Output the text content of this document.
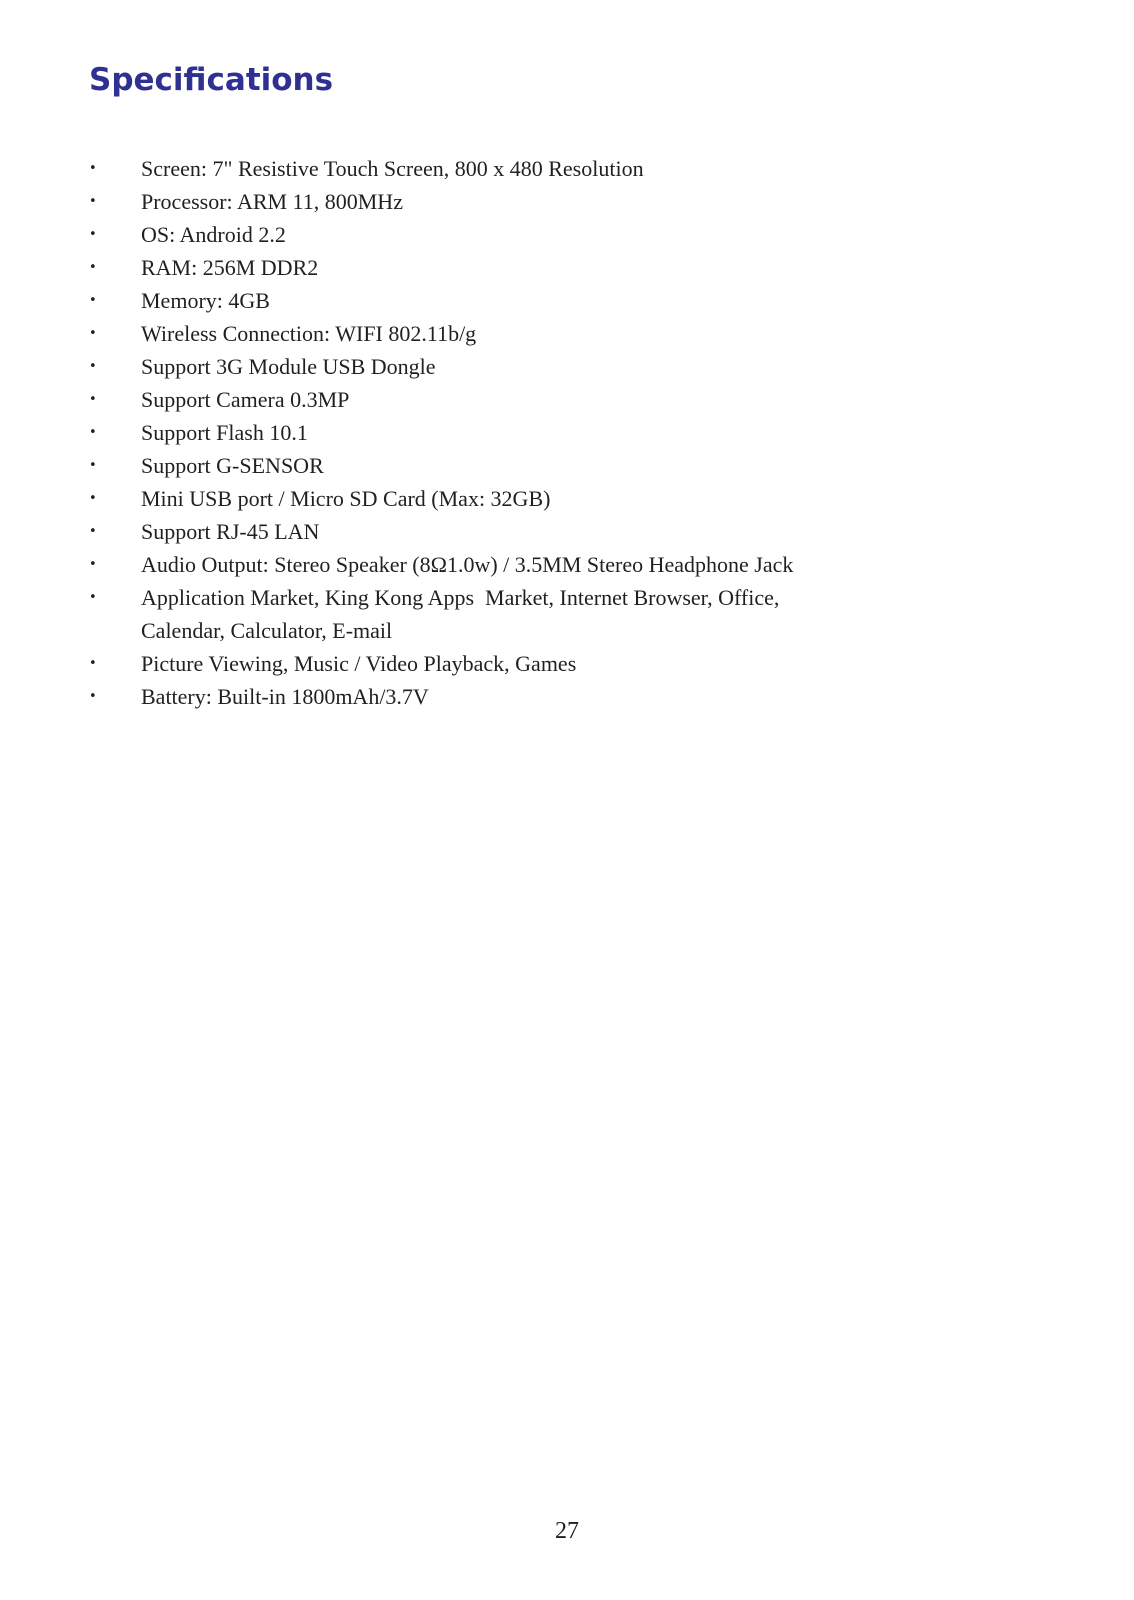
Specifications
•	Screen: 7" Resistive Touch Screen, 800 x 480 Resolution
•	Processor: ARM 11, 800MHz
•	OS: Android 2.2
•	RAM: 256M DDR2
•	Memory: 4GB
•	Wireless Connection: WIFI 802.11b/g
•	Support 3G Module USB Dongle
•	Support Camera 0.3MP
•	Support Flash 10.1
•	Support G-SENSOR
•	Mini USB port / Micro SD Card (Max: 32GB)
•	Support RJ-45 LAN
•	Audio Output: Stereo Speaker (8Ω1.0w) / 3.5MM Stereo Headphone Jack
•	Application Market, King Kong Apps  Market, Internet Browser, Office, Calendar, Calculator, E-mail
•	Picture Viewing, Music / Video Playback, Games
•	Battery: Built-in 1800mAh/3.7V
27
